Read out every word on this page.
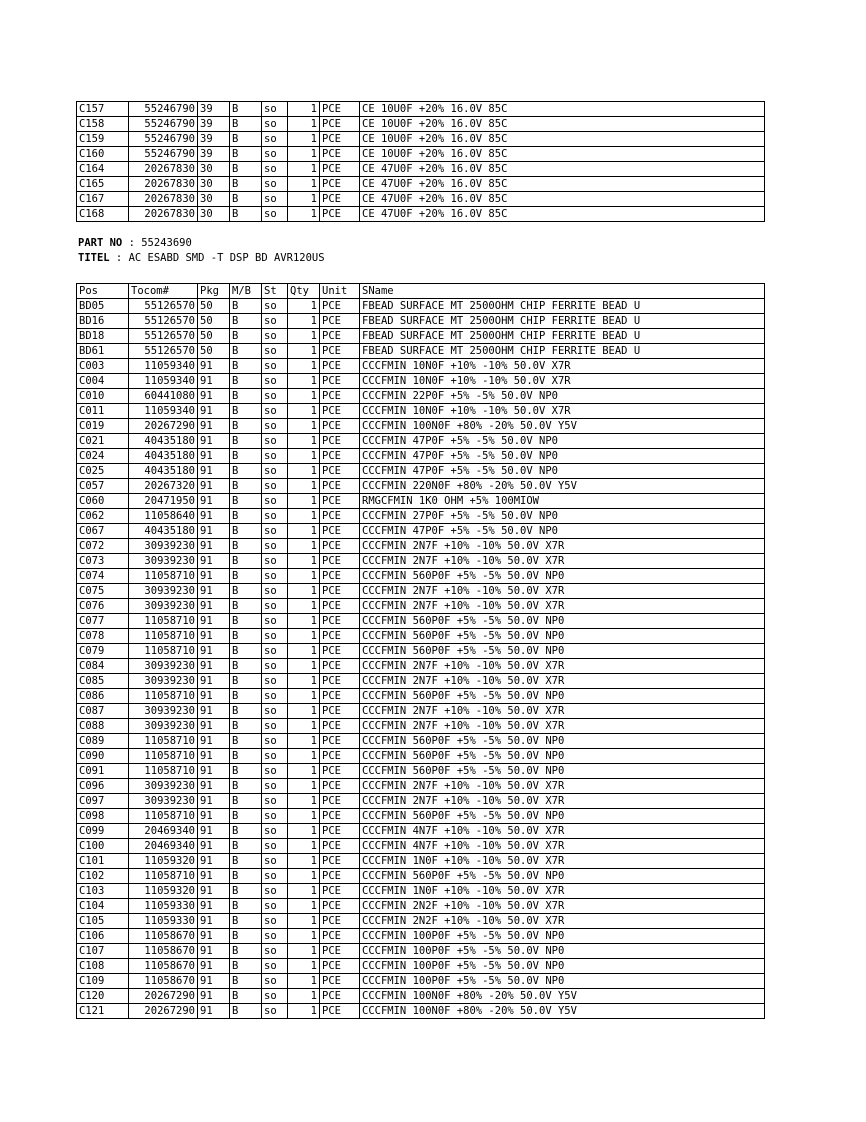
C157	55246790	39	B	so	1	PCE	CE 10U0F +20% 16.0V 85C
C158	55246790	39	B	so	1	PCE	CE 10U0F +20% 16.0V 85C
C159	55246790	39	B	so	1	PCE	CE 10U0F +20% 16.0V 85C
C160	55246790	39	B	so	1	PCE	CE 10U0F +20% 16.0V 85C
C164	20267830	30	B	so	1	PCE	CE 47U0F +20% 16.0V 85C
C165	20267830	30	B	so	1	PCE	CE 47U0F +20% 16.0V 85C
C167	20267830	30	B	so	1	PCE	CE 47U0F +20% 16.0V 85C
C168	20267830	30	B	so	1	PCE	CE 47U0F +20% 16.0V 85C
PART NO : 55243690
TITEL : AC ESABD SMD -T DSP BD AVR120US
Pos	Tocom#	Pkg	M/B	St	Qty	Unit	SName
BD05	55126570	50	B	so	1	PCE	FBEAD SURFACE MT 2500OHM CHIP FERRITE BEAD U
BD16	55126570	50	B	so	1	PCE	FBEAD SURFACE MT 2500OHM CHIP FERRITE BEAD U
BD18	55126570	50	B	so	1	PCE	FBEAD SURFACE MT 2500OHM CHIP FERRITE BEAD U
BD61	55126570	50	B	so	1	PCE	FBEAD SURFACE MT 2500OHM CHIP FERRITE BEAD U
C003	11059340	91	B	so	1	PCE	CCCFMIN 10N0F +10% -10% 50.0V X7R
C004	11059340	91	B	so	1	PCE	CCCFMIN 10N0F +10% -10% 50.0V X7R
C010	60441080	91	B	so	1	PCE	CCCFMIN 22P0F +5% -5% 50.0V NP0
C011	11059340	91	B	so	1	PCE	CCCFMIN 10N0F +10% -10% 50.0V X7R
C019	20267290	91	B	so	1	PCE	CCCFMIN 100N0F +80% -20% 50.0V Y5V
C021	40435180	91	B	so	1	PCE	CCCFMIN 47P0F +5% -5% 50.0V NP0
C024	40435180	91	B	so	1	PCE	CCCFMIN 47P0F +5% -5% 50.0V NP0
C025	40435180	91	B	so	1	PCE	CCCFMIN 47P0F +5% -5% 50.0V NP0
C057	20267320	91	B	so	1	PCE	CCCFMIN 220N0F +80% -20% 50.0V Y5V
C060	20471950	91	B	so	1	PCE	RMGCFMIN 1K0 OHM +5% 100MIOW
C062	11058640	91	B	so	1	PCE	CCCFMIN 27P0F +5% -5% 50.0V NP0
C067	40435180	91	B	so	1	PCE	CCCFMIN 47P0F +5% -5% 50.0V NP0
C072	30939230	91	B	so	1	PCE	CCCFMIN 2N7F +10% -10% 50.0V X7R
C073	30939230	91	B	so	1	PCE	CCCFMIN 2N7F +10% -10% 50.0V X7R
C074	11058710	91	B	so	1	PCE	CCCFMIN 560P0F +5% -5% 50.0V NP0
C075	30939230	91	B	so	1	PCE	CCCFMIN 2N7F +10% -10% 50.0V X7R
C076	30939230	91	B	so	1	PCE	CCCFMIN 2N7F +10% -10% 50.0V X7R
C077	11058710	91	B	so	1	PCE	CCCFMIN 560P0F +5% -5% 50.0V NP0
C078	11058710	91	B	so	1	PCE	CCCFMIN 560P0F +5% -5% 50.0V NP0
C079	11058710	91	B	so	1	PCE	CCCFMIN 560P0F +5% -5% 50.0V NP0
C084	30939230	91	B	so	1	PCE	CCCFMIN 2N7F +10% -10% 50.0V X7R
C085	30939230	91	B	so	1	PCE	CCCFMIN 2N7F +10% -10% 50.0V X7R
C086	11058710	91	B	so	1	PCE	CCCFMIN 560P0F +5% -5% 50.0V NP0
C087	30939230	91	B	so	1	PCE	CCCFMIN 2N7F +10% -10% 50.0V X7R
C088	30939230	91	B	so	1	PCE	CCCFMIN 2N7F +10% -10% 50.0V X7R
C089	11058710	91	B	so	1	PCE	CCCFMIN 560P0F +5% -5% 50.0V NP0
C090	11058710	91	B	so	1	PCE	CCCFMIN 560P0F +5% -5% 50.0V NP0
C091	11058710	91	B	so	1	PCE	CCCFMIN 560P0F +5% -5% 50.0V NP0
C096	30939230	91	B	so	1	PCE	CCCFMIN 2N7F +10% -10% 50.0V X7R
C097	30939230	91	B	so	1	PCE	CCCFMIN 2N7F +10% -10% 50.0V X7R
C098	11058710	91	B	so	1	PCE	CCCFMIN 560P0F +5% -5% 50.0V NP0
C099	20469340	91	B	so	1	PCE	CCCFMIN 4N7F +10% -10% 50.0V X7R
C100	20469340	91	B	so	1	PCE	CCCFMIN 4N7F +10% -10% 50.0V X7R
C101	11059320	91	B	so	1	PCE	CCCFMIN 1N0F +10% -10% 50.0V X7R
C102	11058710	91	B	so	1	PCE	CCCFMIN 560P0F +5% -5% 50.0V NP0
C103	11059320	91	B	so	1	PCE	CCCFMIN 1N0F +10% -10% 50.0V X7R
C104	11059330	91	B	so	1	PCE	CCCFMIN 2N2F +10% -10% 50.0V X7R
C105	11059330	91	B	so	1	PCE	CCCFMIN 2N2F +10% -10% 50.0V X7R
C106	11058670	91	B	so	1	PCE	CCCFMIN 100P0F +5% -5% 50.0V NP0
C107	11058670	91	B	so	1	PCE	CCCFMIN 100P0F +5% -5% 50.0V NP0
C108	11058670	91	B	so	1	PCE	CCCFMIN 100P0F +5% -5% 50.0V NP0
C109	11058670	91	B	so	1	PCE	CCCFMIN 100P0F +5% -5% 50.0V NP0
C120	20267290	91	B	so	1	PCE	CCCFMIN 100N0F +80% -20% 50.0V Y5V
C121	20267290	91	B	so	1	PCE	CCCFMIN 100N0F +80% -20% 50.0V Y5V
